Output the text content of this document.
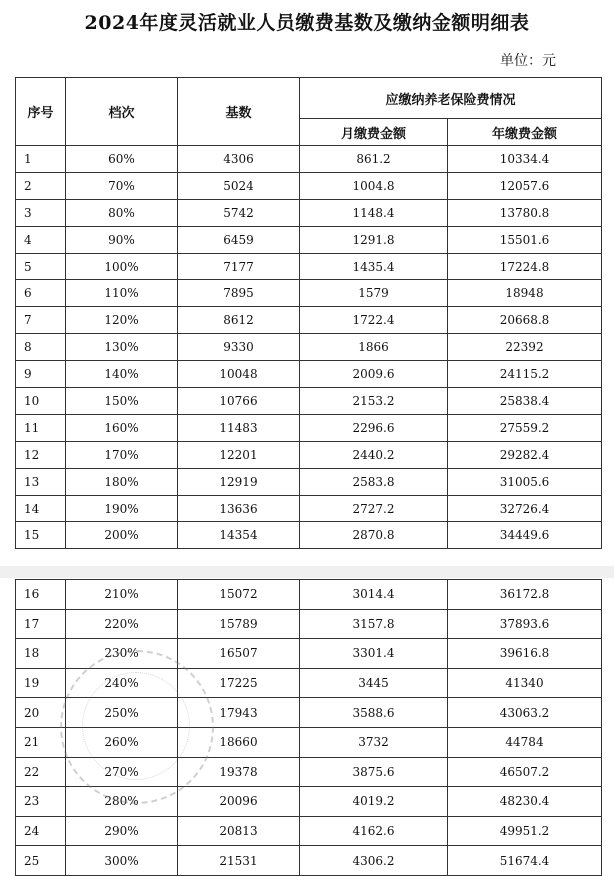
2024年度灵活就业人员缴费基数及缴纳金额明细表
单位：元
序号	档次	基数	应缴纳养老保险费情况	
			月缴费金额	年缴费金额
1	60%	4306	861.2	10334.4
2	70%	5024	1004.8	12057.6
3	80%	5742	1148.4	13780.8
4	90%	6459	1291.8	15501.6
5	100%	7177	1435.4	17224.8
6	110%	7895	1579	18948
7	120%	8612	1722.4	20668.8
8	130%	9330	1866	22392
9	140%	10048	2009.6	24115.2
10	150%	10766	2153.2	25838.4
11	160%	11483	2296.6	27559.2
12	170%	12201	2440.2	29282.4
13	180%	12919	2583.8	31005.6
14	190%	13636	2727.2	32726.4
15	200%	14354	2870.8	34449.6
16	210%	15072	3014.4	36172.8
17	220%	15789	3157.8	37893.6
18	230%	16507	3301.4	39616.8
19	240%	17225	3445	41340
20	250%	17943	3588.6	43063.2
21	260%	18660	3732	44784
22	270%	19378	3875.6	46507.2
23	280%	20096	4019.2	48230.4
24	290%	20813	4162.6	49951.2
25	300%	21531	4306.2	51674.4
